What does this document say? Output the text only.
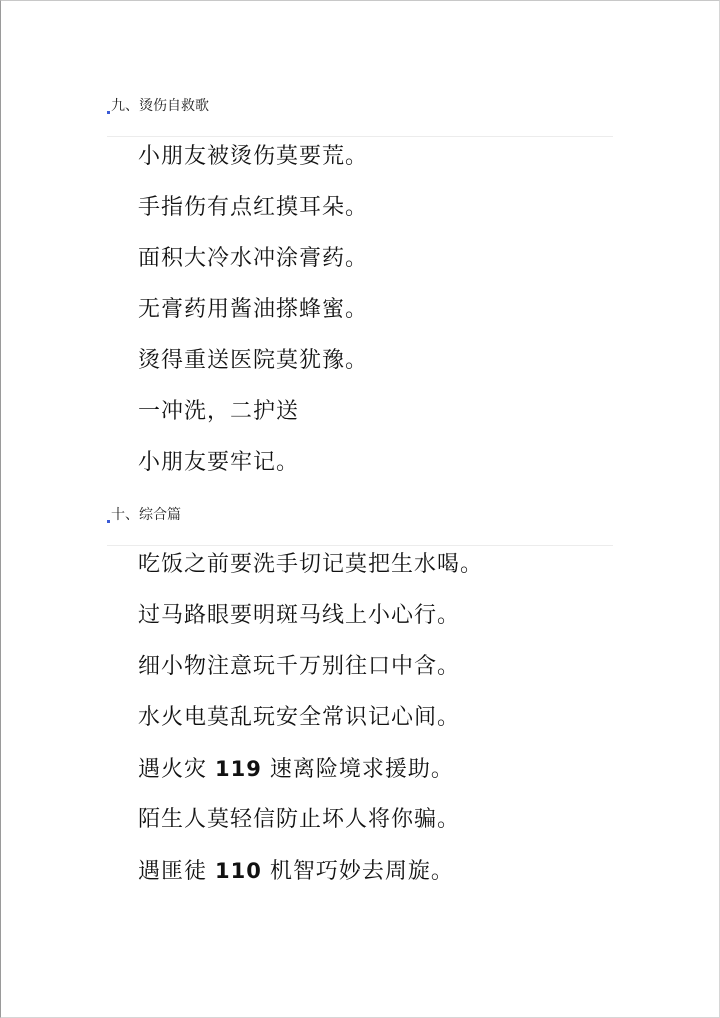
九、烫伤自救歌
小朋友被烫伤莫要荒。
手指伤有点红摸耳朵。
面积大冷水冲涂膏药。
无膏药用酱油搽蜂蜜。
烫得重送医院莫犹豫。
一冲洗，二护送
小朋友要牢记。
十、综合篇
吃饭之前要洗手切记莫把生水喝。
过马路眼要明斑马线上小心行。
细小物注意玩千万别往口中含。
水火电莫乱玩安全常识记心间。
遇火灾 119 速离险境求援助。
陌生人莫轻信防止坏人将你骗。
遇匪徒 110 机智巧妙去周旋。
